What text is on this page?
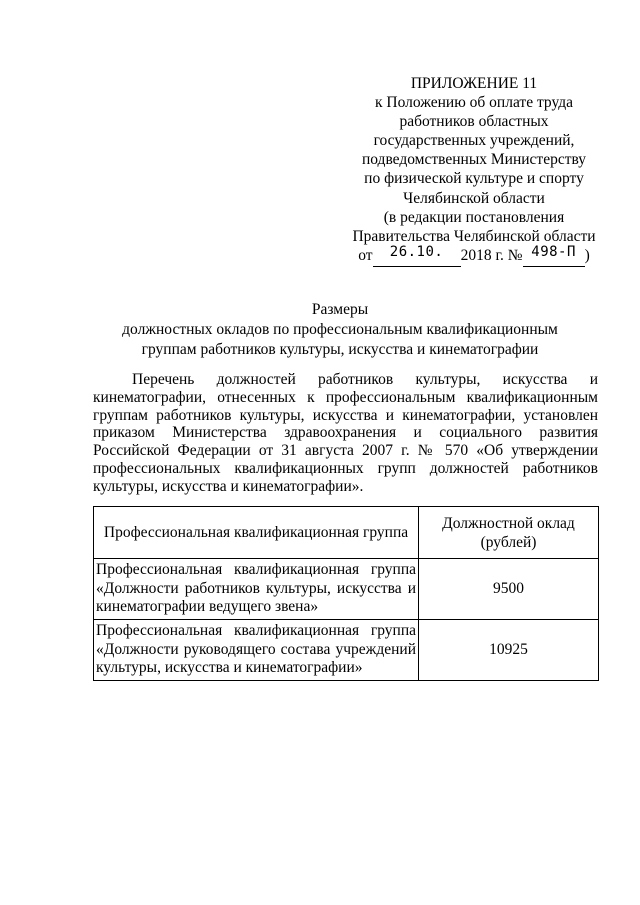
ПРИЛОЖЕНИЕ 11
к Положению об оплате труда
работников областных
государственных учреждений,
подведомственных Министерству
по физической культуре и спорту
Челябинской области
(в редакции постановления
Правительства Челябинской области
от 26.10. 2018 г. № 498-П )
Размеры
должностных окладов по профессиональным квалификационным
группам работников культуры, искусства и кинематографии
Перечень должностей работников культуры, искусства и кинематографии, отнесенных к профессиональным квалификационным группам работников культуры, искусства и кинематографии, установлен приказом Министерства здравоохранения и социального развития Российской Федерации от 31 августа 2007 г. № 570 «Об утверждении профессиональных квалификационных групп должностей работников культуры, искусства и кинематографии».
Профессиональная квалификационная группа	Должностной оклад (рублей)
Профессиональная квалификационная группа «Должности работников культуры, искусства и кинематографии ведущего звена»	9500
Профессиональная квалификационная группа «Должности руководящего состава учреждений культуры, искусства и кинематографии»	10925
